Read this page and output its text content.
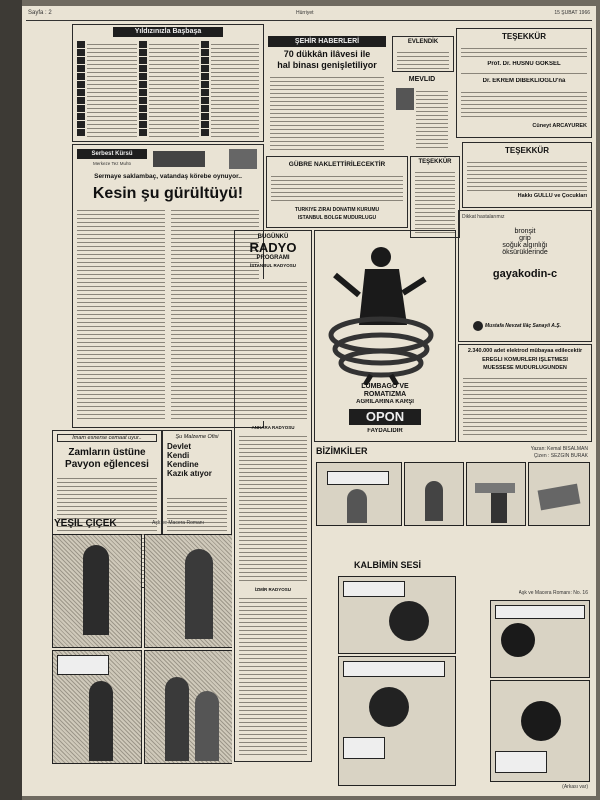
Sayfa : 2	Hürriyet	15 ŞUBAT 1966
Yıldızınızla Başbaşa
ŞEHİR HABERLERİ
70 dükkân ilâvesi ile
hal binası genişletiliyor
EVLENDİK
MEVLİD
TEŞEKKÜR
Prof. Dr. HÜSNÜ GÖKSEL
Dr. EKREM DİBEKLİOĞLU'na
Cüneyt ARCAYÜREK
Serbest Kürsü
Merkeze Tez Muhtı
Sermaye saklambaç, vatandaş körebe oynuyor..
Kesin şu gürültüyü!
GÜBRE NAKLETTİRİLECEKTİR
TÜRKİYE ZİRAİ DONATIM KURUMU
İSTANBUL BÖLGE MÜDÜRLÜĞÜ
TEŞEKKÜR
TEŞEKKÜR
Hakkı GÜLLÜ ve Çocukları
BUGÜNKÜ
RADYO
PROGRAMI
İSTANBUL RADYOSU
ANKARA RADYOSU
İZMİR RADYOSU
LUMBAGO VE
ROMATİZMA
AĞRILARINA KARŞI
OPON
FAYDALIDIR
Dikkat hastalarımız
bronşit
grip
soğuk algınlığı
öksürüklerinde
gayakodin-c
Mustafa Nevzat İlâç Sanayii A.Ş.
İmam esnerse cemaat uyur..
Zamların üstüne
Pavyon eğlencesi
Şu Malzeme Ofisi
Devlet
Kendi
Kendine
Kazık atıyor
2.340.000 adet elektrod mübayaa edilecektir
EREĞLİ KÖMÜRLERİ İŞLETMESİ
MÜESSESE MÜDÜRLÜĞÜNDEN
BİZİMKİLER	Yazan: Kemal BİSALMAN
Çizen : SEZGİN BURAK
YEŞİL ÇİÇEK	Aşk ve Macera Romanı
KALBİMİN SESİ
Aşk ve Macera Romanı: No. 16
(Arkası var)
